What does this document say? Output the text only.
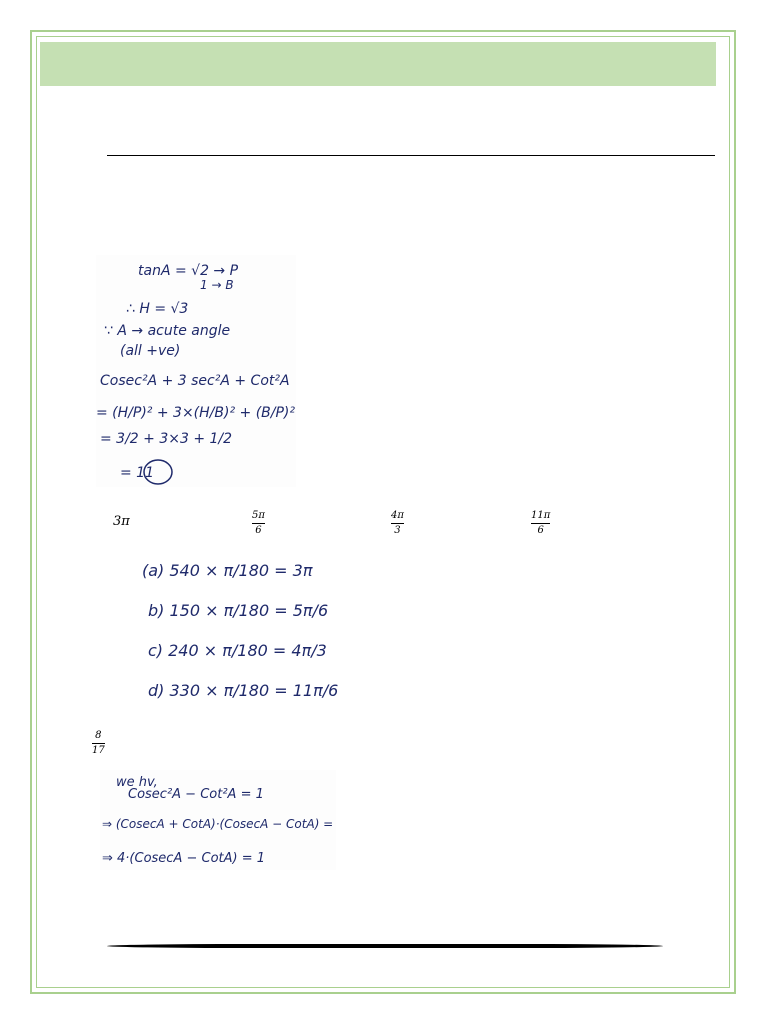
tanA = √2 → P
1 → B
∴ H = √3
∵ A → acute angle
(all +ve)
Cosec²A + 3 sec²A + Cot²A
= (H/P)² + 3×(H/B)² + (B/P)²
= 3/2 + 3×3 + 1/2
= 11
3π	5π
6
4π
3
11π
6
(a) 540 × π/180 = 3π
b) 150 × π/180 = 5π/6
c) 240 × π/180 = 4π/3
d) 330 × π/180 = 11π/6
8
17
we hv,
Cosec²A − Cot²A = 1
⇒ (CosecA + CotA)·(CosecA − CotA) = 1
⇒ 4·(CosecA − CotA) = 1
